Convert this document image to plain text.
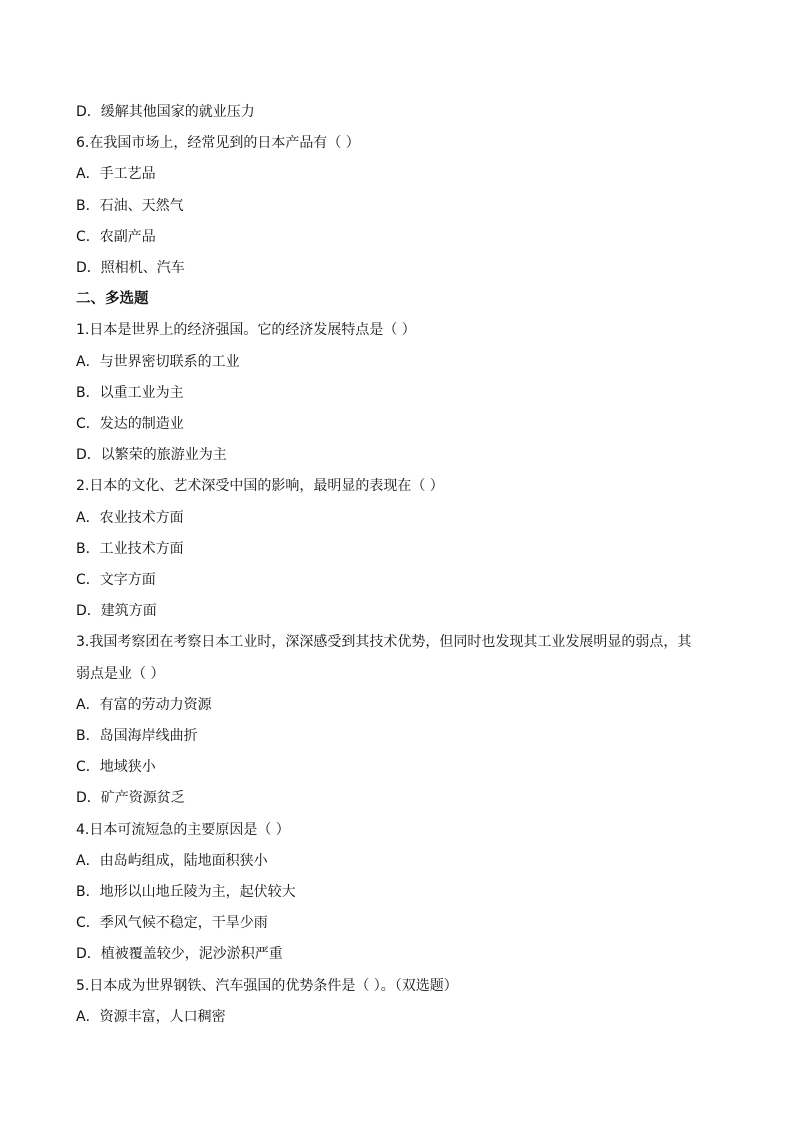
D．缓解其他国家的就业压力
6.在我国市场上，经常见到的日本产品有（ ）
A．手工艺品
B．石油、天然气
C．农副产品
D．照相机、汽车
二、多选题
1.日本是世界上的经济强国。它的经济发展特点是（ ）
A．与世界密切联系的工业
B．以重工业为主
C．发达的制造业
D．以繁荣的旅游业为主
2.日本的文化、艺术深受中国的影响，最明显的表现在（ ）
A．农业技术方面
B．工业技术方面
C．文字方面
D．建筑方面
3.我国考察团在考察日本工业时，深深感受到其技术优势，但同时也发现其工业发展明显的弱点，其
弱点是业（ ）
A．有富的劳动力资源
B．岛国海岸线曲折
C．地域狭小
D．矿产资源贫乏
4.日本可流短急的主要原因是（ ）
A．由岛屿组成，陆地面积狭小
B．地形以山地丘陵为主，起伏较大
C．季风气候不稳定，干旱少雨
D．植被覆盖较少，泥沙淤积严重
5.日本成为世界钢铁、汽车强国的优势条件是（ ）。（双选题）
A．资源丰富，人口稠密
